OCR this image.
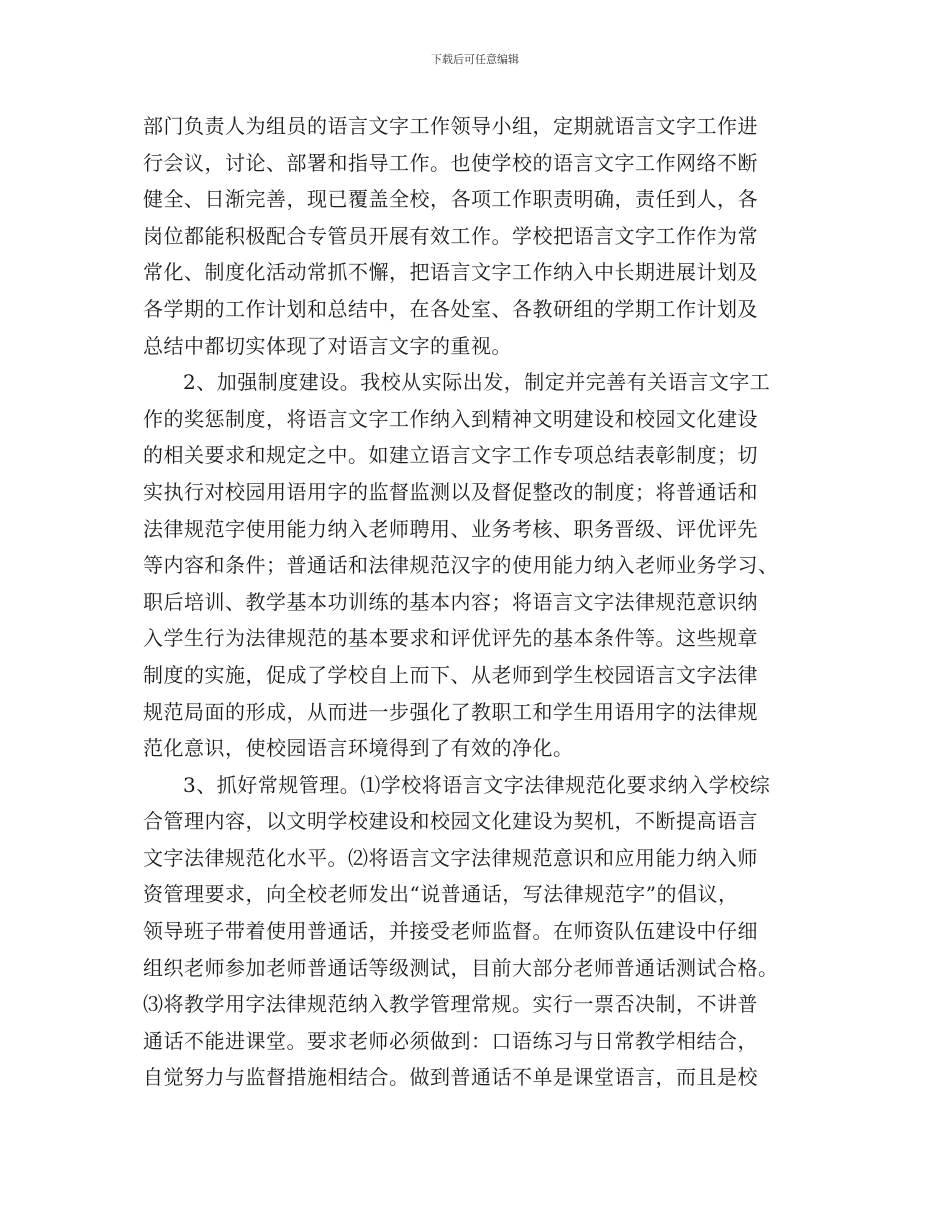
下载后可任意编辑
部门负责人为组员的语言文字工作领导小组，定期就语言文字工作进
行会议，讨论、部署和指导工作。也使学校的语言文字工作网络不断
健全、日渐完善，现已覆盖全校，各项工作职责明确，责任到人，各
岗位都能积极配合专管员开展有效工作。学校把语言文字工作作为常
常化、制度化活动常抓不懈，把语言文字工作纳入中长期进展计划及
各学期的工作计划和总结中，在各处室、各教研组的学期工作计划及
总结中都切实体现了对语言文字的重视。
2、加强制度建设。我校从实际出发，制定并完善有关语言文字工
作的奖惩制度，将语言文字工作纳入到精神文明建设和校园文化建设
的相关要求和规定之中。如建立语言文字工作专项总结表彰制度；切
实执行对校园用语用字的监督监测以及督促整改的制度；将普通话和
法律规范字使用能力纳入老师聘用、业务考核、职务晋级、评优评先
等内容和条件；普通话和法律规范汉字的使用能力纳入老师业务学习、
职后培训、教学基本功训练的基本内容；将语言文字法律规范意识纳
入学生行为法律规范的基本要求和评优评先的基本条件等。这些规章
制度的实施，促成了学校自上而下、从老师到学生校园语言文字法律
规范局面的形成，从而进一步强化了教职工和学生用语用字的法律规
范化意识，使校园语言环境得到了有效的净化。
3、抓好常规管理。⑴学校将语言文字法律规范化要求纳入学校综
合管理内容，以文明学校建设和校园文化建设为契机，不断提高语言
文字法律规范化水平。⑵将语言文字法律规范意识和应用能力纳入师
资管理要求，向全校老师发出“说普通话，写法律规范字”的倡议，
领导班子带着使用普通话，并接受老师监督。在师资队伍建设中仔细
组织老师参加老师普通话等级测试，目前大部分老师普通话测试合格。
⑶将教学用字法律规范纳入教学管理常规。实行一票否决制，不讲普
通话不能进课堂。要求老师必须做到：口语练习与日常教学相结合，
自觉努力与监督措施相结合。做到普通话不单是课堂语言，而且是校
